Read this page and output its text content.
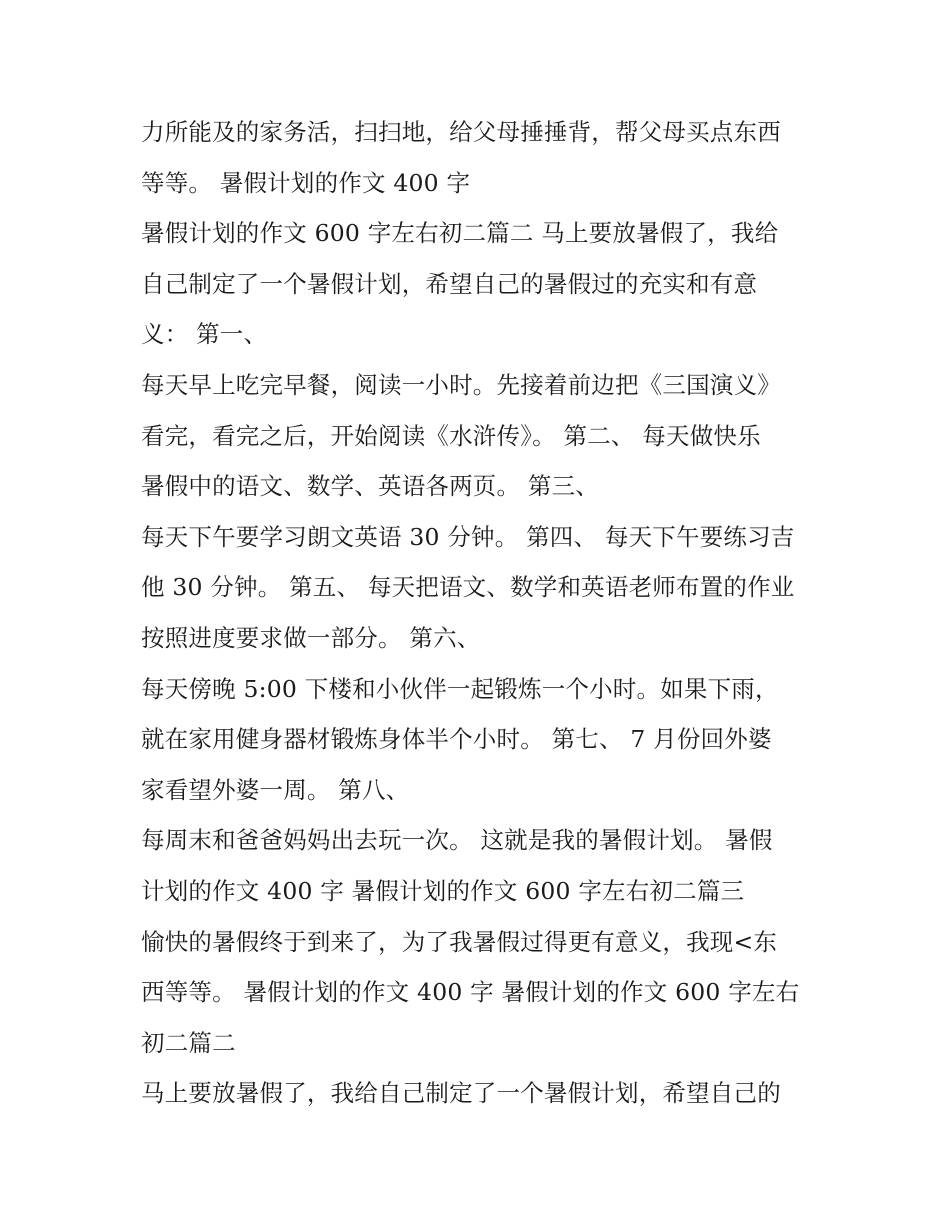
力所能及的家务活，扫扫地，给父母捶捶背，帮父母买点东西
等等。 暑假计划的作文 400 字
暑假计划的作文 600 字左右初二篇二 马上要放暑假了，我给
自己制定了一个暑假计划，希望自己的暑假过的充实和有意
义： 第一、
每天早上吃完早餐，阅读一小时。先接着前边把《三国演义》
看完，看完之后，开始阅读《水浒传》。 第二、 每天做快乐
暑假中的语文、数学、英语各两页。 第三、
每天下午要学习朗文英语 30 分钟。 第四、 每天下午要练习吉
他 30 分钟。 第五、 每天把语文、数学和英语老师布置的作业
按照进度要求做一部分。 第六、
每天傍晚 5:00 下楼和小伙伴一起锻炼一个小时。如果下雨，
就在家用健身器材锻炼身体半个小时。 第七、 7 月份回外婆
家看望外婆一周。 第八、
每周末和爸爸妈妈出去玩一次。 这就是我的暑假计划。 暑假
计划的作文 400 字 暑假计划的作文 600 字左右初二篇三
愉快的暑假终于到来了，为了我暑假过得更有意义，我现<东
西等等。 暑假计划的作文 400 字 暑假计划的作文 600 字左右
初二篇二
马上要放暑假了，我给自己制定了一个暑假计划，希望自己的
